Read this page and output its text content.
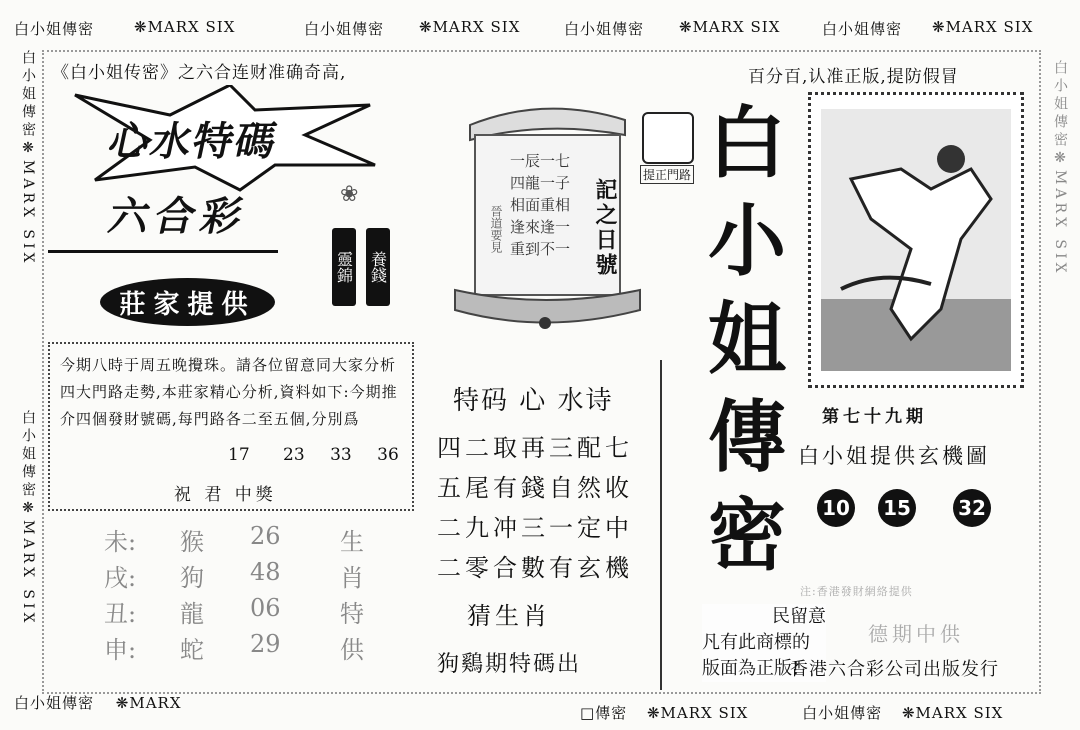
白小姐傳密	❋MARX SIX	白小姐傳密 ❋MARX SIX	白小姐傳密 ❋MARX SIX	白小姐傳密 ❋MARX SIX
白小姐傳密❋MARX SIX
白小姐傳密❋MARX SIX
白小姐傳密❋MARX SIX
《白小姐传密》之六合连财准确奇高,	百分百,认准正版,提防假冒
心水特碼
六合彩	❀
靈錦 養錢
莊家提供
今期八時于周五晚攪珠。請各位留意同大家分析四大門路走勢,本莊家精心分析,資料如下:今期推介四個發財號碼,每門路各二至五個,分別爲
17 23 33 36
祝 君 中獎
未: 猴 26 生
戌: 狗 48 肖
丑: 龍 06 特
申: 蛇 29 供
一辰一七
四龍一子
相面重相
逢來逢一
重到不一 記之日號
晉道要見
提正門路
特码 心 水诗
四二取再三配七
五尾有錢自然收
二九冲三一定中
二零合數有玄機
猜生肖
狗鷄期特碼出
白
小
姐
傳
密
民留意
凡有此商標的
版面為正版!
第七十九期
白小姐提供玄機圖
10 15 32
注:香港發財網絡提供
德期中供
香港六合彩公司出版发行
白小姐傳密 ❋MARX
□傳密 ❋MARX SIX	白小姐傳密 ❋MARX SIX
